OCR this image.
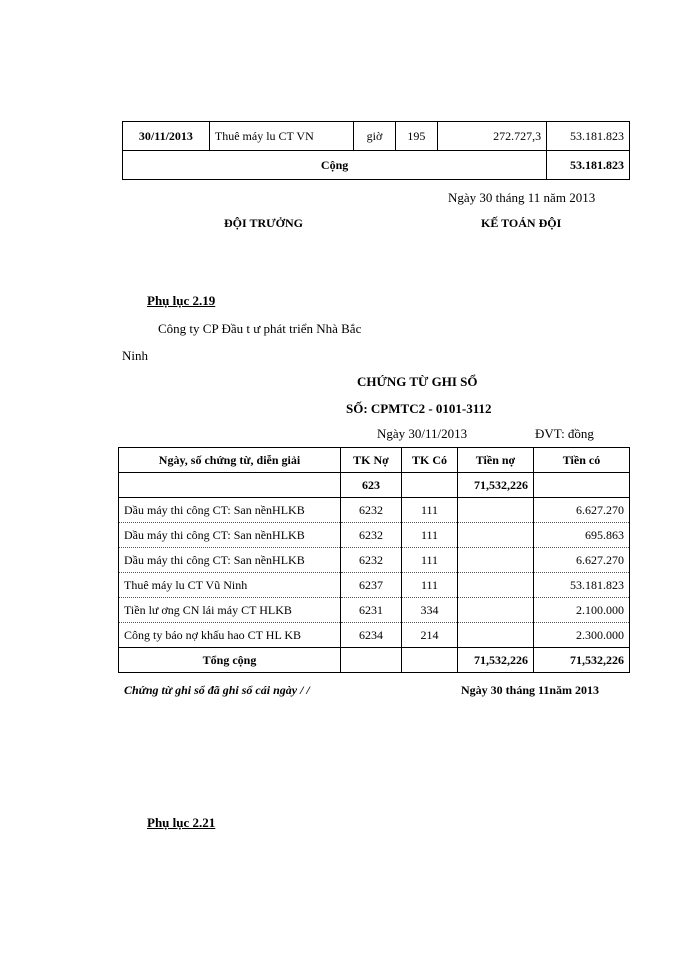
30/11/2013	Thuê máy lu CT VN	giờ	195	272.727,3	53.181.823
Cộng					53.181.823
Ngày 30 tháng 11 năm 2013
ĐỘI TRƯỞNG	KẾ TOÁN ĐỘI
Phụ lục 2.19
Công ty CP Đầu t ư phát triển Nhà Bắc
Ninh
CHỨNG TỪ GHI SỔ
SỐ: CPMTC2 - 0101-3112
Ngày 30/11/2013	ĐVT: đồng
Ngày, số chứng từ, diễn giải	TK Nợ	TK Có	Tiền nợ	Tiền có
	623		71,532,226	
Dầu máy thi công CT: San nềnHLKB	6232	111		6.627.270
Dầu máy thi công CT: San nềnHLKB	6232	111		695.863
Dầu máy thi công CT: San nềnHLKB	6232	111		6.627.270
Thuê máy lu CT Vũ Ninh	6237	111		53.181.823
Tiền lư ơng CN lái máy CT HLKB	6231	334		2.100.000
Công ty báo nợ khấu hao CT HL KB	6234	214		2.300.000
Tổng cộng			71,532,226	71,532,226
Chứng từ ghi sổ đã ghi sổ cái ngày / /	Ngày 30 tháng 11năm 2013
Phụ lục 2.21
